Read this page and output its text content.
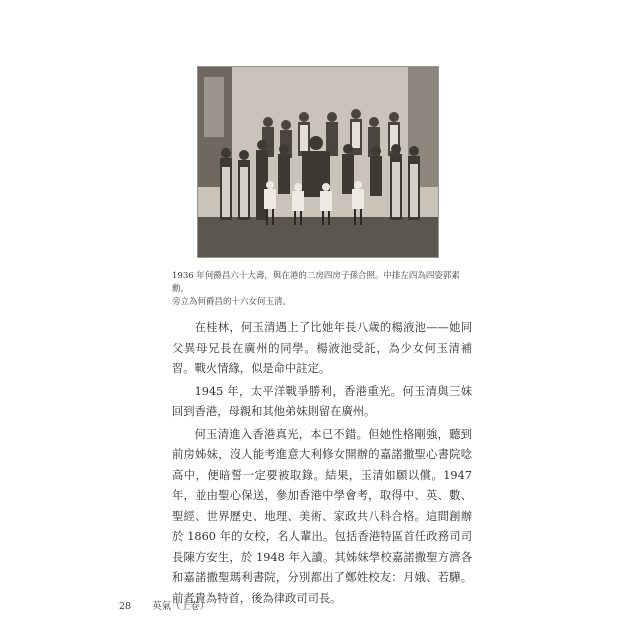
1936 年何爵昌六十大壽，與在港的二房四房子孫合照。中排左四為四姿郭素勳，
旁立為何爵昌的十六女何玉清。

在桂林，何玉清遇上了比她年長八歲的楊液池——她同父異母兄長在廣州的同學。楊液池受託，為少女何玉清補習。戰火情緣，似是命中註定。

1945 年，太平洋戰爭勝利，香港重光。何玉清與三妹回到香港，母親和其他弟妹則留在廣州。

何玉清進入香港真光，本已不錯。但她性格剛強，聽到前房姊妹，沒人能考進意大利修女開辦的嘉諾撒聖心書院唸高中，便暗誓一定要被取錄。結果，玉清如願以償。1947 年，並由聖心保送，參加香港中學會考，取得中、英、數、聖經、世界歷史、地理、美術、家政共八科合格。這間創辦於 1860 年的女校，名人輩出。包括香港特區首任政務司司長陳方安生，於 1948 年入讀。其姊妹學校嘉諾撒聖方濟各和嘉諾撒聖瑪利書院，分別都出了鄭姓校友：月娥、若驊。前者貴為特首，後為律政司司長。

28 英氣（上卷）
